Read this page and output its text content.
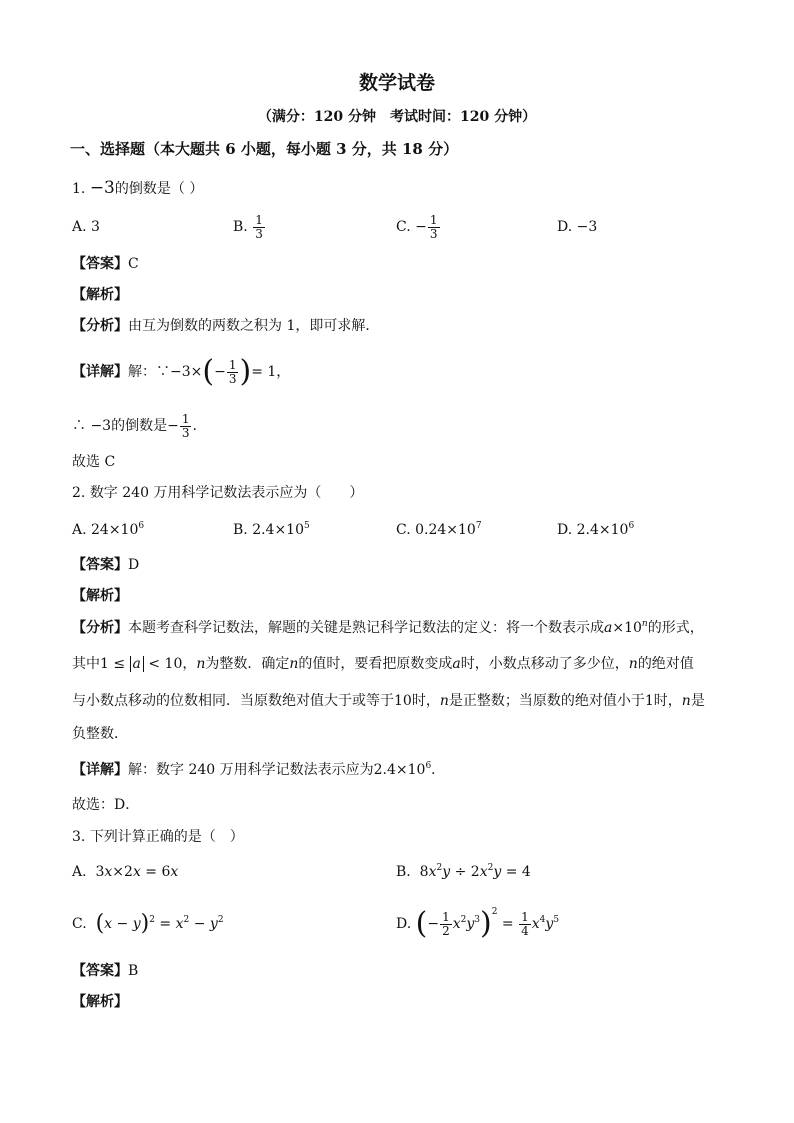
数学试卷
（满分：120 分钟　考试时间：120 分钟）
一、选择题（本大题共 6 小题，每小题 3 分，共 18 分）
1. −3的倒数是（ ）
A. 3	B. $\frac{1}{3}$	C. − $\frac{1}{3}$	D. −3
【答案】C
【解析】
【分析】由互为倒数的两数之积为 1，即可求解．
【详解】解：∵−3×(− $\frac{1}{3}$ )= 1，
∴ −3的倒数是− $\frac{1}{3}$ .
故选 C
2. 数字 240 万用科学记数法表示应为（　　）
A. $24\times 10^6$	B. $2.4\times 10^5$	C. $0.24\times 10^7$	D. $2.4\times 10^6$
【答案】D
【解析】
【分析】本题考查科学记数法，解题的关键是熟记科学记数法的定义：将一个数表示成$a\times 10^n$的形式，
其中1 ≤ a < 10，n为整数．确定n的值时，要看把原数变成a时，小数点移动了多少位，n的绝对值
与小数点移动的位数相同．当原数绝对值大于或等于10时，n是正整数；当原数的绝对值小于1时，n是
负整数．
【详解】解：数字 240 万用科学记数法表示应为$2.4\times 10^6$．
故选：D．
3. 下列计算正确的是（　）
A. 3x×2x = 6x	B. $8x^2y \div 2x^2y = 4$
C. $(x - y)^2 = x^2 - y^2$	D. (− $\frac{1}{2} x^2y^3)^2 = \frac{1}{4} x^4y^5$
【答案】B
【解析】
